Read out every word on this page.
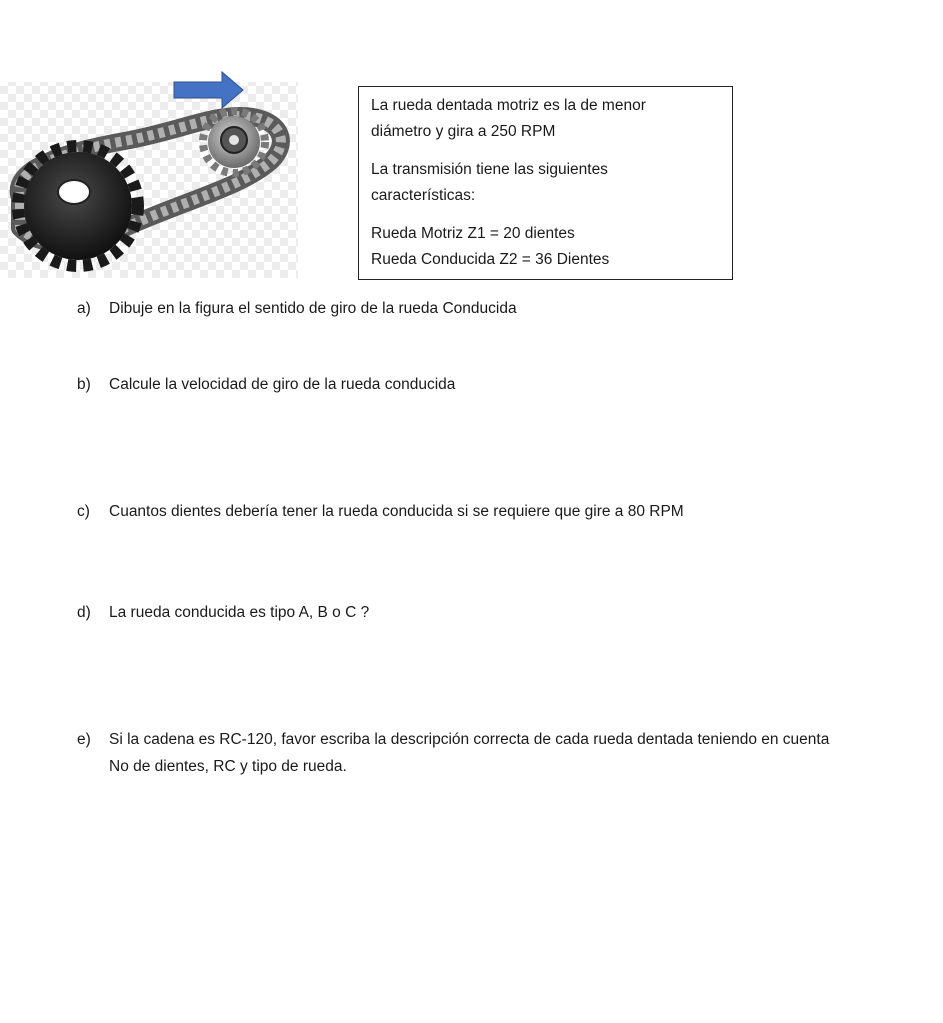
La rueda dentada motriz es la de menor

diámetro y gira a 250 RPM

La transmisión tiene las siguientes

características:

Rueda Motriz Z1 = 20 dientes

Rueda Conducida Z2 = 36 Dientes

a) Dibuje en la figura el sentido de giro de la rueda Conducida
b) Calcule la velocidad de giro de la rueda conducida
c) Cuantos dientes debería tener la rueda conducida si se requiere que gire a 80 RPM
d) La rueda conducida es tipo A, B o C ?
e) Si la cadena es RC-120, favor escriba la descripción correcta de cada rueda dentada teniendo en cuenta
No de dientes, RC y tipo de rueda.
